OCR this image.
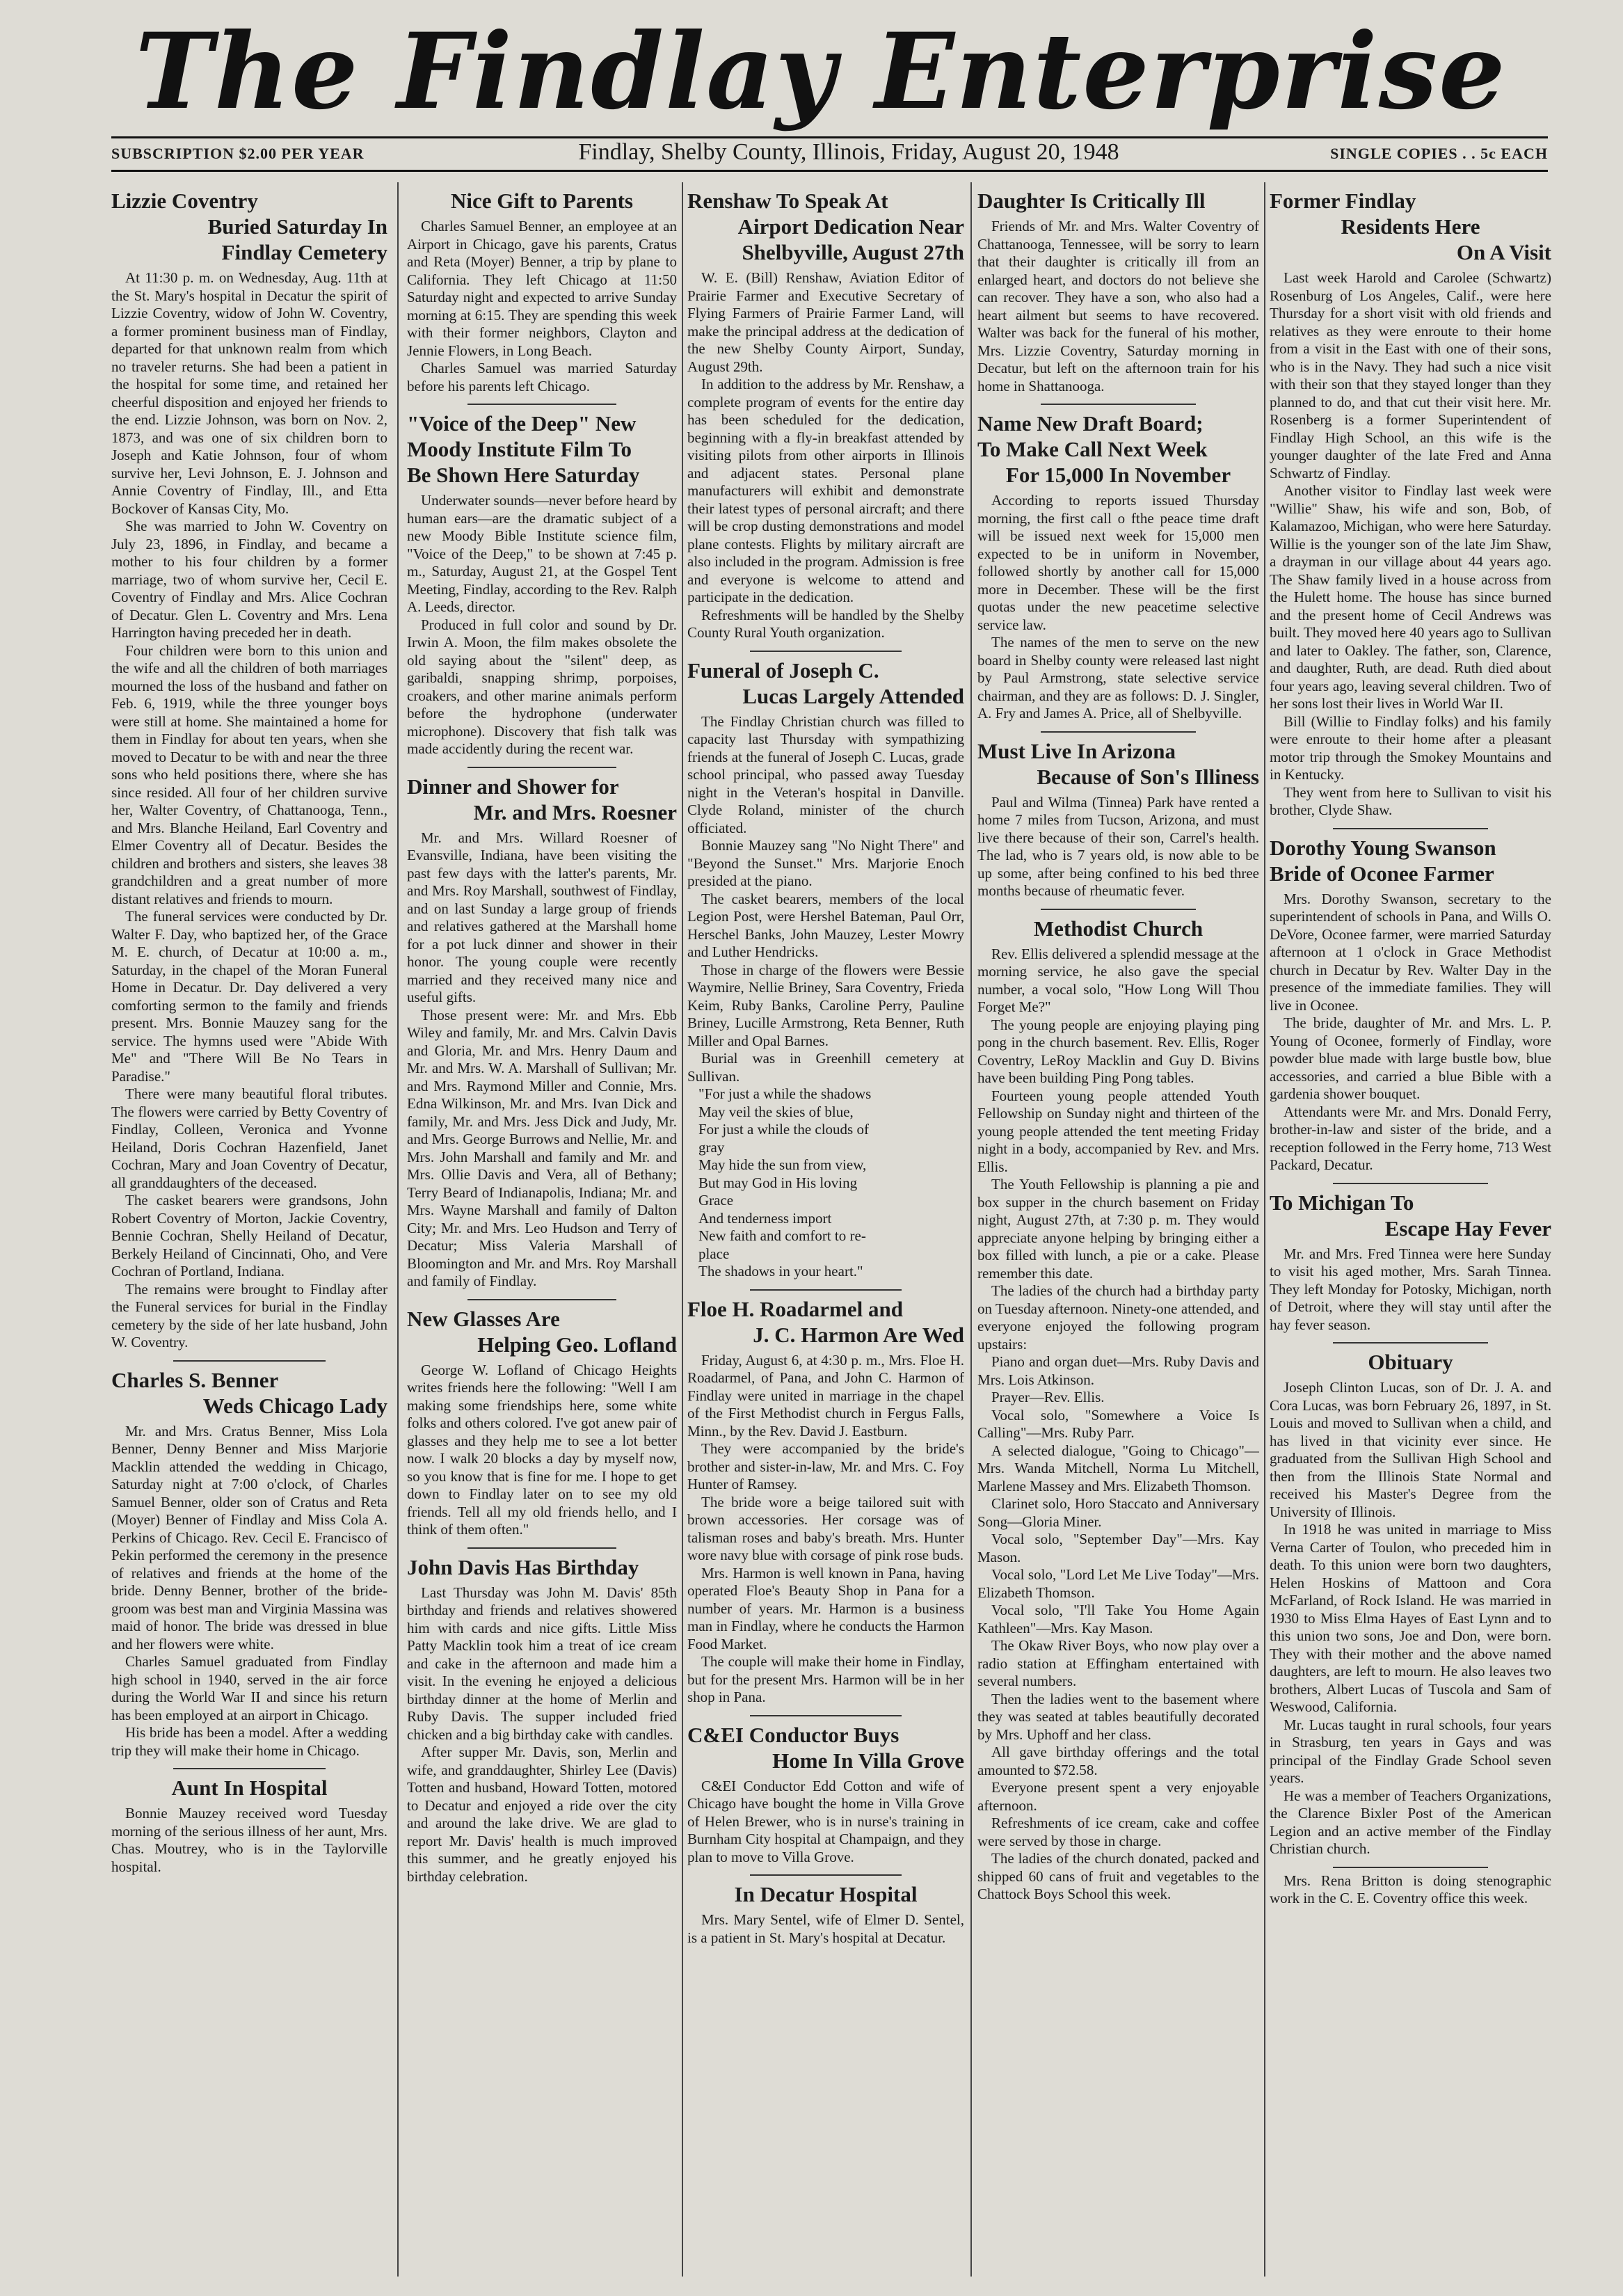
The Findlay Enterprise
SUBSCRIPTION $2.00 PER YEAR	Findlay, Shelby County, Illinois, Friday, August 20, 1948	SINGLE COPIES . . 5c EACH
Lizzie Coventry
Buried Saturday In
Findlay Cemetery

At 11:30 p. m. on Wednesday, Aug. 11th at the St. Mary's hospital in Decatur the spirit of Lizzie Coventry, widow of John W. Coventry, a former prominent business man of Findlay, departed for that unknown realm from which no traveler returns. She had been a patient in the hospital for some time, and retained her cheerful disposition and enjoyed her friends to the end. Lizzie Johnson, was born on Nov. 2, 1873, and was one of six children born to Joseph and Katie Johnson, four of whom survive her, Levi Johnson, E. J. Johnson and Annie Coventry of Findlay, Ill., and Etta Bockover of Kansas City, Mo.

She was married to John W. Coventry on July 23, 1896, in Findlay, and became a mother to his four children by a former marriage, two of whom survive her, Cecil E. Coventry of Findlay and Mrs. Alice Cochran of Decatur. Glen L. Coventry and Mrs. Lena Harrington having preceded her in death.

Four children were born to this union and the wife and all the children of both marriages mourned the loss of the husband and father on Feb. 6, 1919, while the three younger boys were still at home. She maintained a home for them in Findlay for about ten years, when she moved to Decatur to be with and near the three sons who held positions there, where she has since resided. All four of her children survive her, Walter Coventry, of Chattanooga, Tenn., and Mrs. Blanche Heiland, Earl Coventry and Elmer Coventry all of Decatur. Besides the children and brothers and sisters, she leaves 38 grandchildren and a great number of more distant relatives and friends to mourn.

The funeral services were conducted by Dr. Walter F. Day, who baptized her, of the Grace M. E. church, of Decatur at 10:00 a. m., Saturday, in the chapel of the Moran Funeral Home in Decatur. Dr. Day delivered a very comforting sermon to the family and friends present. Mrs. Bonnie Mauzey sang for the service. The hymns used were "Abide With Me" and "There Will Be No Tears in Paradise."

There were many beautiful floral tributes. The flowers were carried by Betty Coventry of Findlay, Colleen, Veronica and Yvonne Heiland, Doris Cochran Hazenfield, Janet Cochran, Mary and Joan Coventry of Decatur, all granddaughters of the deceased.

The casket bearers were grandsons, John Robert Coventry of Morton, Jackie Coventry, Bennie Cochran, Shelly Heiland of Decatur, Berkely Heiland of Cincinnati, Oho, and Vere Cochran of Portland, Indiana.

The remains were brought to Findlay after the Funeral services for burial in the Findlay cemetery by the side of her late husband, John W. Coventry.

Charles S. Benner
Weds Chicago Lady

Mr. and Mrs. Cratus Benner, Miss Lola Benner, Denny Benner and Miss Marjorie Macklin attended the wedding in Chicago, Saturday night at 7:00 o'clock, of Charles Samuel Benner, older son of Cratus and Reta (Moyer) Benner of Findlay and Miss Cola A. Perkins of Chicago. Rev. Cecil E. Francisco of Pekin performed the ceremony in the presence of relatives and friends at the home of the bride. Denny Benner, brother of the bride-groom was best man and Virginia Massina was maid of honor. The bride was dressed in blue and her flowers were white.

Charles Samuel graduated from Findlay high school in 1940, served in the air force during the World War II and since his return has been employed at an airport in Chicago.

His bride has been a model. After a wedding trip they will make their home in Chicago.

Aunt In Hospital

Bonnie Mauzey received word Tuesday morning of the serious illness of her aunt, Mrs. Chas. Moutrey, who is in the Taylorville hospital.

Nice Gift to Parents

Charles Samuel Benner, an employee at an Airport in Chicago, gave his parents, Cratus and Reta (Moyer) Benner, a trip by plane to California. They left Chicago at 11:50 Saturday night and expected to arrive Sunday morning at 6:15. They are spending this week with their former neighbors, Clayton and Jennie Flowers, in Long Beach.

Charles Samuel was married Saturday before his parents left Chicago.

"Voice of the Deep" New
Moody Institute Film To
Be Shown Here Saturday

Underwater sounds—never before heard by human ears—are the dramatic subject of a new Moody Bible Institute science film, "Voice of the Deep," to be shown at 7:45 p. m., Saturday, August 21, at the Gospel Tent Meeting, Findlay, according to the Rev. Ralph A. Leeds, director.

Produced in full color and sound by Dr. Irwin A. Moon, the film makes obsolete the old saying about the "silent" deep, as garibaldi, snapping shrimp, porpoises, croakers, and other marine animals perform before the hydrophone (underwater microphone). Discovery that fish talk was made accidently during the recent war.

Dinner and Shower for
Mr. and Mrs. Roesner

Mr. and Mrs. Willard Roesner of Evansville, Indiana, have been visiting the past few days with the latter's parents, Mr. and Mrs. Roy Marshall, southwest of Findlay, and on last Sunday a large group of friends and relatives gathered at the Marshall home for a pot luck dinner and shower in their honor. The young couple were recently married and they received many nice and useful gifts.

Those present were: Mr. and Mrs. Ebb Wiley and family, Mr. and Mrs. Calvin Davis and Gloria, Mr. and Mrs. Henry Daum and Mr. and Mrs. W. A. Marshall of Sullivan; Mr. and Mrs. Raymond Miller and Connie, Mrs. Edna Wilkinson, Mr. and Mrs. Ivan Dick and family, Mr. and Mrs. Jess Dick and Judy, Mr. and Mrs. George Burrows and Nellie, Mr. and Mrs. John Marshall and family and Mr. and Mrs. Ollie Davis and Vera, all of Bethany; Terry Beard of Indianapolis, Indiana; Mr. and Mrs. Wayne Marshall and family of Dalton City; Mr. and Mrs. Leo Hudson and Terry of Decatur; Miss Valeria Marshall of Bloomington and Mr. and Mrs. Roy Marshall and family of Findlay.

New Glasses Are
Helping Geo. Lofland

George W. Lofland of Chicago Heights writes friends here the following: "Well I am making some friendships here, some white folks and others colored. I've got anew pair of glasses and they help me to see a lot better now. I walk 20 blocks a day by myself now, so you know that is fine for me. I hope to get down to Findlay later on to see my old friends. Tell all my old friends hello, and I think of them often."

John Davis Has Birthday

Last Thursday was John M. Davis' 85th birthday and friends and relatives showered him with cards and nice gifts. Little Miss Patty Macklin took him a treat of ice cream and cake in the afternoon and made him a visit. In the evening he enjoyed a delicious birthday dinner at the home of Merlin and Ruby Davis. The supper included fried chicken and a big birthday cake with candles.

After supper Mr. Davis, son, Merlin and wife, and granddaughter, Shirley Lee (Davis) Totten and husband, Howard Totten, motored to Decatur and enjoyed a ride over the city and around the lake drive. We are glad to report Mr. Davis' health is much improved this summer, and he greatly enjoyed his birthday celebration.

Renshaw To Speak At
Airport Dedication Near
Shelbyville, August 27th

W. E. (Bill) Renshaw, Aviation Editor of Prairie Farmer and Executive Secretary of Flying Farmers of Prairie Farmer Land, will make the principal address at the dedication of the new Shelby County Airport, Sunday, August 29th.

In addition to the address by Mr. Renshaw, a complete program of events for the entire day has been scheduled for the dedication, beginning with a fly-in breakfast attended by visiting pilots from other airports in Illinois and adjacent states. Personal plane manufacturers will exhibit and demonstrate their latest types of personal aircraft; and there will be crop dusting demonstrations and model plane contests. Flights by military aircraft are also included in the program. Admission is free and everyone is welcome to attend and participate in the dedication.

Refreshments will be handled by the Shelby County Rural Youth organization.

Funeral of Joseph C.
Lucas Largely Attended

The Findlay Christian church was filled to capacity last Thursday with sympathizing friends at the funeral of Joseph C. Lucas, grade school principal, who passed away Tuesday night in the Veteran's hospital in Danville. Clyde Roland, minister of the church officiated.

Bonnie Mauzey sang "No Night There" and "Beyond the Sunset." Mrs. Marjorie Enoch presided at the piano.

The casket bearers, members of the local Legion Post, were Hershel Bateman, Paul Orr, Herschel Banks, John Mauzey, Lester Mowry and Luther Hendricks.

Those in charge of the flowers were Bessie Waymire, Nellie Briney, Sara Coventry, Frieda Keim, Ruby Banks, Caroline Perry, Pauline Briney, Lucille Armstrong, Reta Benner, Ruth Miller and Opal Barnes.

Burial was in Greenhill cemetery at Sullivan.

"For just a while the shadows
May veil the skies of blue,
For just a while the clouds of
gray
May hide the sun from view,
But may God in His loving
Grace
And tenderness import
New faith and comfort to re-
place
The shadows in your heart."

Floe H. Roadarmel and
J. C. Harmon Are Wed

Friday, August 6, at 4:30 p. m., Mrs. Floe H. Roadarmel, of Pana, and John C. Harmon of Findlay were united in marriage in the chapel of the First Methodist church in Fergus Falls, Minn., by the Rev. David J. Eastburn.

They were accompanied by the bride's brother and sister-in-law, Mr. and Mrs. C. Foy Hunter of Ramsey.

The bride wore a beige tailored suit with brown accessories. Her corsage was of talisman roses and baby's breath. Mrs. Hunter wore navy blue with corsage of pink rose buds.

Mrs. Harmon is well known in Pana, having operated Floe's Beauty Shop in Pana for a number of years. Mr. Harmon is a business man in Findlay, where he conducts the Harmon Food Market.

The couple will make their home in Findlay, but for the present Mrs. Harmon will be in her shop in Pana.

C&EI Conductor Buys
Home In Villa Grove

C&EI Conductor Edd Cotton and wife of Chicago have bought the home in Villa Grove of Helen Brewer, who is in nurse's training in Burnham City hospital at Champaign, and they plan to move to Villa Grove.

In Decatur Hospital

Mrs. Mary Sentel, wife of Elmer D. Sentel, is a patient in St. Mary's hospital at Decatur.

Daughter Is Critically Ill

Friends of Mr. and Mrs. Walter Coventry of Chattanooga, Tennessee, will be sorry to learn that their daughter is critically ill from an enlarged heart, and doctors do not believe she can recover. They have a son, who also had a heart ailment but seems to have recovered. Walter was back for the funeral of his mother, Mrs. Lizzie Coventry, Saturday morning in Decatur, but left on the afternoon train for his home in Shattanooga.

Name New Draft Board;
To Make Call Next Week
For 15,000 In November

According to reports issued Thursday morning, the first call o fthe peace time draft will be issued next week for 15,000 men expected to be in uniform in November, followed shortly by another call for 15,000 more in December. These will be the first quotas under the new peacetime selective service law.

The names of the men to serve on the new board in Shelby county were released last night by Paul Armstrong, state selective service chairman, and they are as follows: D. J. Singler, A. Fry and James A. Price, all of Shelbyville.

Must Live In Arizona
Because of Son's Illiness

Paul and Wilma (Tinnea) Park have rented a home 7 miles from Tucson, Arizona, and must live there because of their son, Carrel's health. The lad, who is 7 years old, is now able to be up some, after being confined to his bed three months because of rheumatic fever.

Methodist Church

Rev. Ellis delivered a splendid message at the morning service, he also gave the special number, a vocal solo, "How Long Will Thou Forget Me?"

The young people are enjoying playing ping pong in the church basement. Rev. Ellis, Roger Coventry, LeRoy Macklin and Guy D. Bivins have been building Ping Pong tables.

Fourteen young people attended Youth Fellowship on Sunday night and thirteen of the young people attended the tent meeting Friday night in a body, accompanied by Rev. and Mrs. Ellis.

The Youth Fellowship is planning a pie and box supper in the church basement on Friday night, August 27th, at 7:30 p. m. They would appreciate anyone helping by bringing either a box filled with lunch, a pie or a cake. Please remember this date.

The ladies of the church had a birthday party on Tuesday afternoon. Ninety-one attended, and everyone enjoyed the following program upstairs:

Piano and organ duet—Mrs. Ruby Davis and Mrs. Lois Atkinson.

Prayer—Rev. Ellis.

Vocal solo, "Somewhere a Voice Is Calling"—Mrs. Ruby Parr.

A selected dialogue, "Going to Chicago"—Mrs. Wanda Mitchell, Norma Lu Mitchell, Marlene Massey and Mrs. Elizabeth Thomson.

Clarinet solo, Horo Staccato and Anniversary Song—Gloria Miner.

Vocal solo, "September Day"—Mrs. Kay Mason.

Vocal solo, "Lord Let Me Live Today"—Mrs. Elizabeth Thomson.

Vocal solo, "I'll Take You Home Again Kathleen"—Mrs. Kay Mason.

The Okaw River Boys, who now play over a radio station at Effingham entertained with several numbers.

Then the ladies went to the basement where they was seated at tables beautifully decorated by Mrs. Uphoff and her class.

All gave birthday offerings and the total amounted to $72.58.

Everyone present spent a very enjoyable afternoon.

Refreshments of ice cream, cake and coffee were served by those in charge.

The ladies of the church donated, packed and shipped 60 cans of fruit and vegetables to the Chattock Boys School this week.

Former Findlay
Residents Here
On A Visit

Last week Harold and Carolee (Schwartz) Rosenburg of Los Angeles, Calif., were here Thursday for a short visit with old friends and relatives as they were enroute to their home from a visit in the East with one of their sons, who is in the Navy. They had such a nice visit with their son that they stayed longer than they planned to do, and that cut their visit here. Mr. Rosenberg is a former Superintendent of Findlay High School, an this wife is the younger daughter of the late Fred and Anna Schwartz of Findlay.

Another visitor to Findlay last week were "Willie" Shaw, his wife and son, Bob, of Kalamazoo, Michigan, who were here Saturday. Willie is the younger son of the late Jim Shaw, a drayman in our village about 44 years ago. The Shaw family lived in a house across from the Hulett home. The house has since burned and the present home of Cecil Andrews was built. They moved here 40 years ago to Sullivan and later to Oakley. The father, son, Clarence, and daughter, Ruth, are dead. Ruth died about four years ago, leaving several children. Two of her sons lost their lives in World War II.

Bill (Willie to Findlay folks) and his family were enroute to their home after a pleasant motor trip through the Smokey Mountains and in Kentucky.

They went from here to Sullivan to visit his brother, Clyde Shaw.

Dorothy Young Swanson
Bride of Oconee Farmer

Mrs. Dorothy Swanson, secretary to the superintendent of schools in Pana, and Wills O. DeVore, Oconee farmer, were married Saturday afternoon at 1 o'clock in Grace Methodist church in Decatur by Rev. Walter Day in the presence of the immediate families. They will live in Oconee.

The bride, daughter of Mr. and Mrs. L. P. Young of Oconee, formerly of Findlay, wore powder blue made with large bustle bow, blue accessories, and carried a blue Bible with a gardenia shower bouquet.

Attendants were Mr. and Mrs. Donald Ferry, brother-in-law and sister of the bride, and a reception followed in the Ferry home, 713 West Packard, Decatur.

To Michigan To
Escape Hay Fever

Mr. and Mrs. Fred Tinnea were here Sunday to visit his aged mother, Mrs. Sarah Tinnea. They left Monday for Potosky, Michigan, north of Detroit, where they will stay until after the hay fever season.

Obituary

Joseph Clinton Lucas, son of Dr. J. A. and Cora Lucas, was born February 26, 1897, in St. Louis and moved to Sullivan when a child, and has lived in that vicinity ever since. He graduated from the Sullivan High School and then from the Illinois State Normal and received his Master's Degree from the University of Illinois.

In 1918 he was united in marriage to Miss Verna Carter of Toulon, who preceded him in death. To this union were born two daughters, Helen Hoskins of Mattoon and Cora McFarland, of Rock Island. He was married in 1930 to Miss Elma Hayes of East Lynn and to this union two sons, Joe and Don, were born. They with their mother and the above named daughters, are left to mourn. He also leaves two brothers, Albert Lucas of Tuscola and Sam of Weswood, California.

Mr. Lucas taught in rural schools, four years in Strasburg, ten years in Gays and was principal of the Findlay Grade School seven years.

He was a member of Teachers Organizations, the Clarence Bixler Post of the American Legion and an active member of the Findlay Christian church.

Mrs. Rena Britton is doing stenographic work in the C. E. Coventry office this week.
